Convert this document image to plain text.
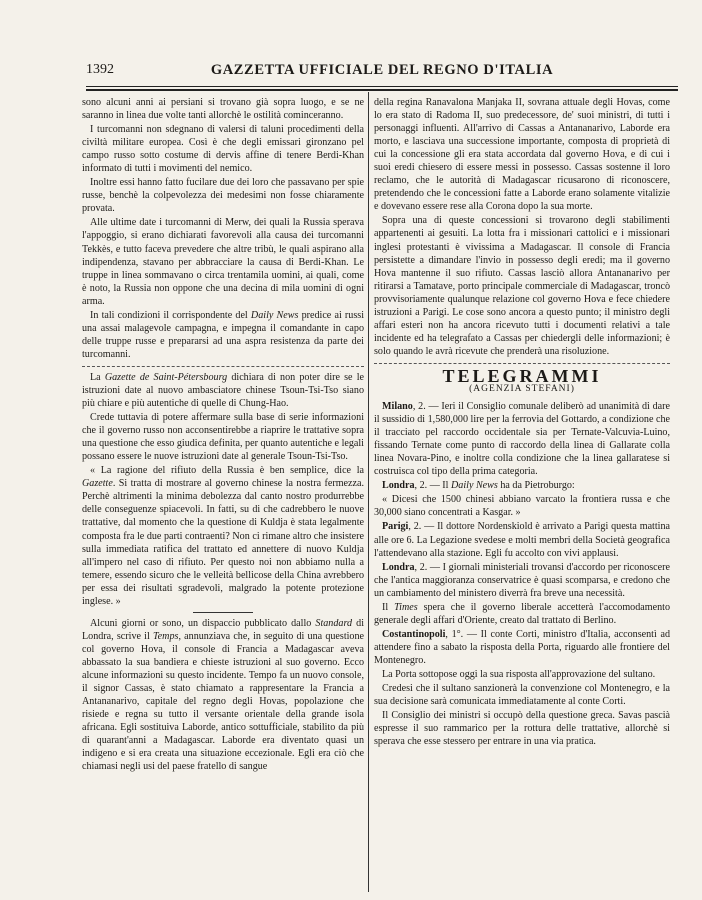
1392	GAZZETTA UFFICIALE DEL REGNO D'ITALIA

sono alcuni anni ai persiani si trovano già sopra luogo, e se ne saranno in linea due volte tanti allorchè le ostilità cominceranno.

I turcomanni non sdegnano di valersi di taluni procedimenti della civiltà militare europea. Così è che degli emissari gironzano pel campo russo sotto costume di dervis affine di tenere Berdi-Khan informato di tutti i movimenti del nemico.

Inoltre essi hanno fatto fucilare due dei loro che passavano per spie russe, benchè la colpevolezza dei medesimi non fosse chiaramente provata.

Alle ultime date i turcomanni di Merw, dei quali la Russia sperava l'appoggio, si erano dichiarati favorevoli alla causa dei turcomanni Tekkès, e tutto faceva prevedere che altre tribù, le quali aspirano alla indipendenza, stavano per abbracciare la causa di Berdi-Khan. Le truppe in linea sommavano o circa trentamila uomini, ai quali, come è noto, la Russia non oppone che una decina di mila uomini di ogni arma.

In tali condizioni il corrispondente del Daily News predice ai russi una assai malagevole campagna, e impegna il comandante in capo delle truppe russe e prepararsi ad una aspra resistenza da parte dei turcomanni.

La Gazette de Saint-Pétersbourg dichiara di non poter dire se le istruzioni date al nuovo ambasciatore chinese Tsoun-Tsi-Tso siano più chiare e più autentiche di quelle di Chung-Hao.

Crede tuttavia di potere affermare sulla base di serie informazioni che il governo russo non acconsentirebbe a riaprire le trattative sopra una questione che esso giudica definita, per quanto autentiche e legali possano essere le nuove istruzioni date al generale Tsoun-Tsi-Tso.

« La ragione del rifiuto della Russia è ben semplice, dice la Gazette. Si tratta di mostrare al governo chinese la nostra fermezza. Perchè altrimenti la minima debolezza dal canto nostro produrrebbe delle conseguenze spiacevoli. In fatti, su di che cadrebbero le nuove trattative, dal momento che la questione di Kuldja è stata legalmente composta fra le due parti contraenti? Non ci rimane altro che insistere sulla immediata ratifica del trattato ed annettere di nuovo Kuldja all'impero nel caso di rifiuto. Per questo noi non abbiamo nulla a temere, essendo sicuro che le velleità bellicose della China avrebbero per essa dei risultati sgradevoli, malgrado la potente protezione inglese. »

Alcuni giorni or sono, un dispaccio pubblicato dallo Standard di Londra, scrive il Temps, annunziava che, in seguito di una questione col governo Hova, il console di Francia a Madagascar aveva abbassato la sua bandiera e chieste istruzioni al suo governo. Ecco alcune informazioni su questo incidente. Tempo fa un nuovo console, il signor Cassas, è stato chiamato a rappresentare la Francia a Antananarivo, capitale del regno degli Hovas, popolazione che risiede e regna su tutto il versante orientale della grande isola africana. Egli sostituiva Laborde, antico sottufficiale, stabilito da più di quarant'anni a Madagascar. Laborde era diventato quasi un indigeno e si era creata una situazione eccezionale. Egli era ciò che chiamasi negli usi del paese fratello di sangue

della regina Ranavalona Manjaka II, sovrana attuale degli Hovas, come lo era stato di Radoma II, suo predecessore, de' suoi ministri, di tutti i personaggi influenti. All'arrivo di Cassas a Antananarivo, Laborde era morto, e lasciava una successione importante, composta di proprietà di cui la concessione gli era stata accordata dal governo Hova, e di cui i suoi eredi chiesero di essere messi in possesso. Cassas sostenne il loro reclamo, che le autorità di Madagascar ricusarono di riconoscere, pretendendo che le concessioni fatte a Laborde erano solamente vitalizie e dovevano essere rese alla Corona dopo la sua morte.

Sopra una di queste concessioni si trovarono degli stabilimenti appartenenti ai gesuiti. La lotta fra i missionari cattolici e i missionari inglesi protestanti è vivissima a Madagascar. Il console di Francia persistette a dimandare l'invio in possesso degli eredi; ma il governo Hova mantenne il suo rifiuto. Cassas lasciò allora Antananarivo per ritirarsi a Tamatave, porto principale commerciale di Madagascar, troncò provvisoriamente qualunque relazione col governo Hova e fece chiedere istruzioni a Parigi. Le cose sono ancora a questo punto; il ministro degli affari esteri non ha ancora ricevuto tutti i documenti relativi a tale incidente ed ha telegrafato a Cassas per chiedergli delle informazioni; è solo quando le avrà ricevute che prenderà una risoluzione.

TELEGRAMMI
(AGENZIA STEFANI)

Milano, 2. — Ieri il Consiglio comunale deliberò ad unanimità di dare il sussidio di 1,580,000 lire per la ferrovia del Gottardo, a condizione che il tracciato pel raccordo occidentale sia per Ternate-Valcuvia-Luino, fissando Ternate come punto di raccordo della linea di Gallarate colla linea Novara-Pino, e inoltre colla condizione che la linea gallaratese si costruisca col tipo della prima categoria.

Londra, 2. — Il Daily News ha da Pietroburgo:

« Dicesi che 1500 chinesi abbiano varcato la frontiera russa e che 30,000 siano concentrati a Kasgar. »

Parigi, 2. — Il dottore Nordenskiold è arrivato a Parigi questa mattina alle ore 6. La Legazione svedese e molti membri della Società geografica l'attendevano alla stazione. Egli fu accolto con vivi applausi.

Londra, 2. — I giornali ministeriali trovansi d'accordo per riconoscere che l'antica maggioranza conservatrice è quasi scomparsa, e credono che un cambiamento del ministero diverrà fra breve una necessità.

Il Times spera che il governo liberale accetterà l'accomodamento generale degli affari d'Oriente, creato dal trattato di Berlino.

Costantinopoli, 1°. — Il conte Corti, ministro d'Italia, acconsentì ad attendere fino a sabato la risposta della Porta, riguardo alle frontiere del Montenegro.

La Porta sottopose oggi la sua risposta all'approvazione del sultano.

Credesi che il sultano sanzionerà la convenzione col Montenegro, e la sua decisione sarà comunicata immediatamente al conte Corti.

Il Consiglio dei ministri si occupò della questione greca. Savas pascià espresse il suo rammarico per la rottura delle trattative, allorchè si sperava che esse stessero per entrare in una via pratica.
